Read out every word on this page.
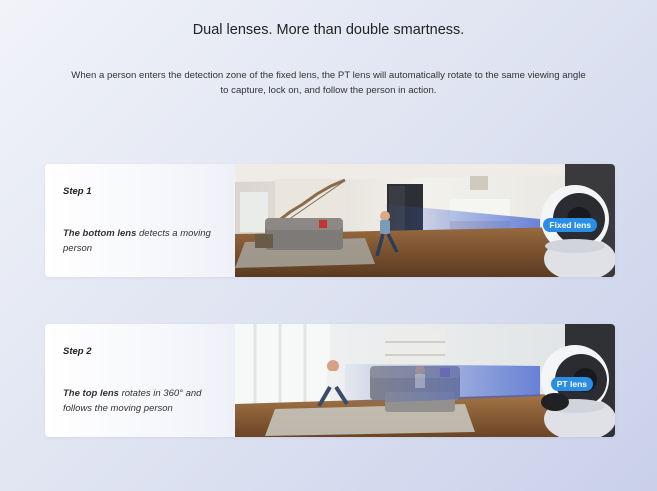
Dual lenses. More than double smartness.
When a person enters the detection zone of the fixed lens, the PT lens will automatically rotate to the same viewing angle to capture, lock on, and follow the person in action.
Step 1
The bottom lens detects a moving person
Fixed lens
Step 2
The top lens rotates in 360° and follows the moving person
PT lens
